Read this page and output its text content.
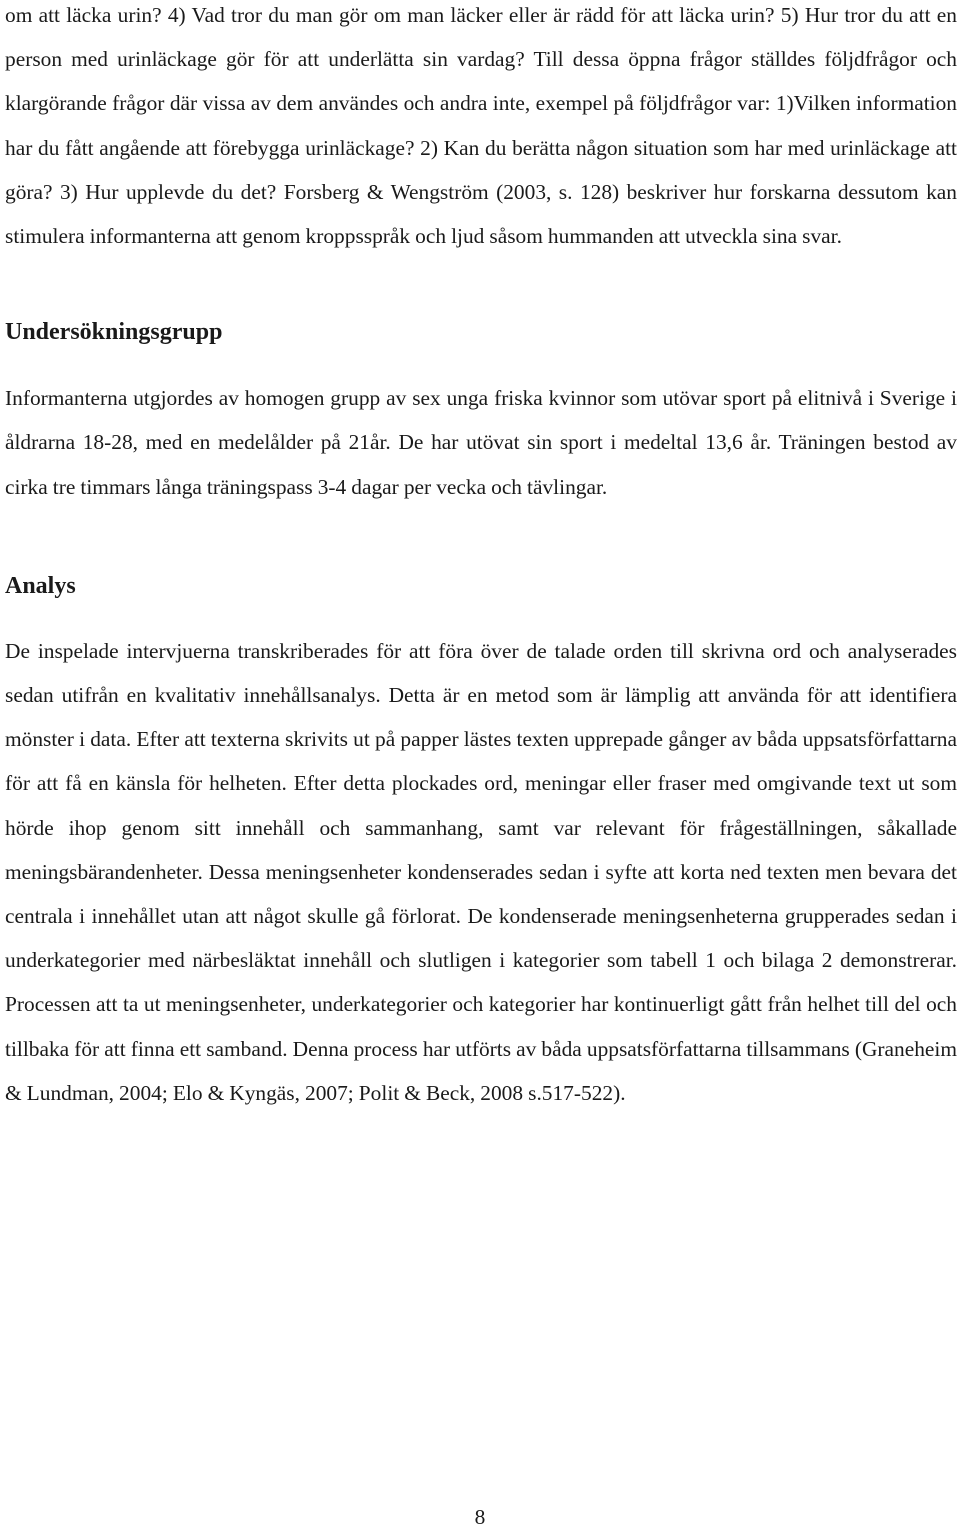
om att läcka urin? 4) Vad tror du man gör om man läcker eller är rädd för att läcka urin? 5) Hur tror du att en person med urinläckage gör för att underlätta sin vardag? Till dessa öppna frågor ställdes följdfrågor och klargörande frågor där vissa av dem användes och andra inte, exempel på följdfrågor var: 1)Vilken information har du fått angående att förebygga urinläckage? 2) Kan du berätta någon situation som har med urinläckage att göra? 3) Hur upplevde du det? Forsberg & Wengström (2003, s. 128) beskriver hur forskarna dessutom kan stimulera informanterna att genom kroppsspråk och ljud såsom hummanden att utveckla sina svar.

Undersökningsgrupp

Informanterna utgjordes av homogen grupp av sex unga friska kvinnor som utövar sport på elitnivå i Sverige i åldrarna 18-28, med en medelålder på 21år. De har utövat sin sport i medeltal 13,6 år. Träningen bestod av cirka tre timmars långa träningspass 3-4 dagar per vecka och tävlingar.

Analys

De inspelade intervjuerna transkriberades för att föra över de talade orden till skrivna ord och analyserades sedan utifrån en kvalitativ innehållsanalys. Detta är en metod som är lämplig att använda för att identifiera mönster i data. Efter att texterna skrivits ut på papper lästes texten upprepade gånger av båda uppsatsförfattarna för att få en känsla för helheten. Efter detta plockades ord, meningar eller fraser med omgivande text ut som hörde ihop genom sitt innehåll och sammanhang, samt var relevant för frågeställningen, såkallade meningsbärandenheter. Dessa meningsenheter kondenserades sedan i syfte att korta ned texten men bevara det centrala i innehållet utan att något skulle gå förlorat. De kondenserade meningsenheterna grupperades sedan i underkategorier med närbesläktat innehåll och slutligen i kategorier som tabell 1 och bilaga 2 demonstrerar. Processen att ta ut meningsenheter, underkategorier och kategorier har kontinuerligt gått från helhet till del och tillbaka för att finna ett samband. Denna process har utförts av båda uppsatsförfattarna tillsammans (Graneheim & Lundman, 2004; Elo & Kyngäs, 2007; Polit & Beck, 2008 s.517-522).

8
